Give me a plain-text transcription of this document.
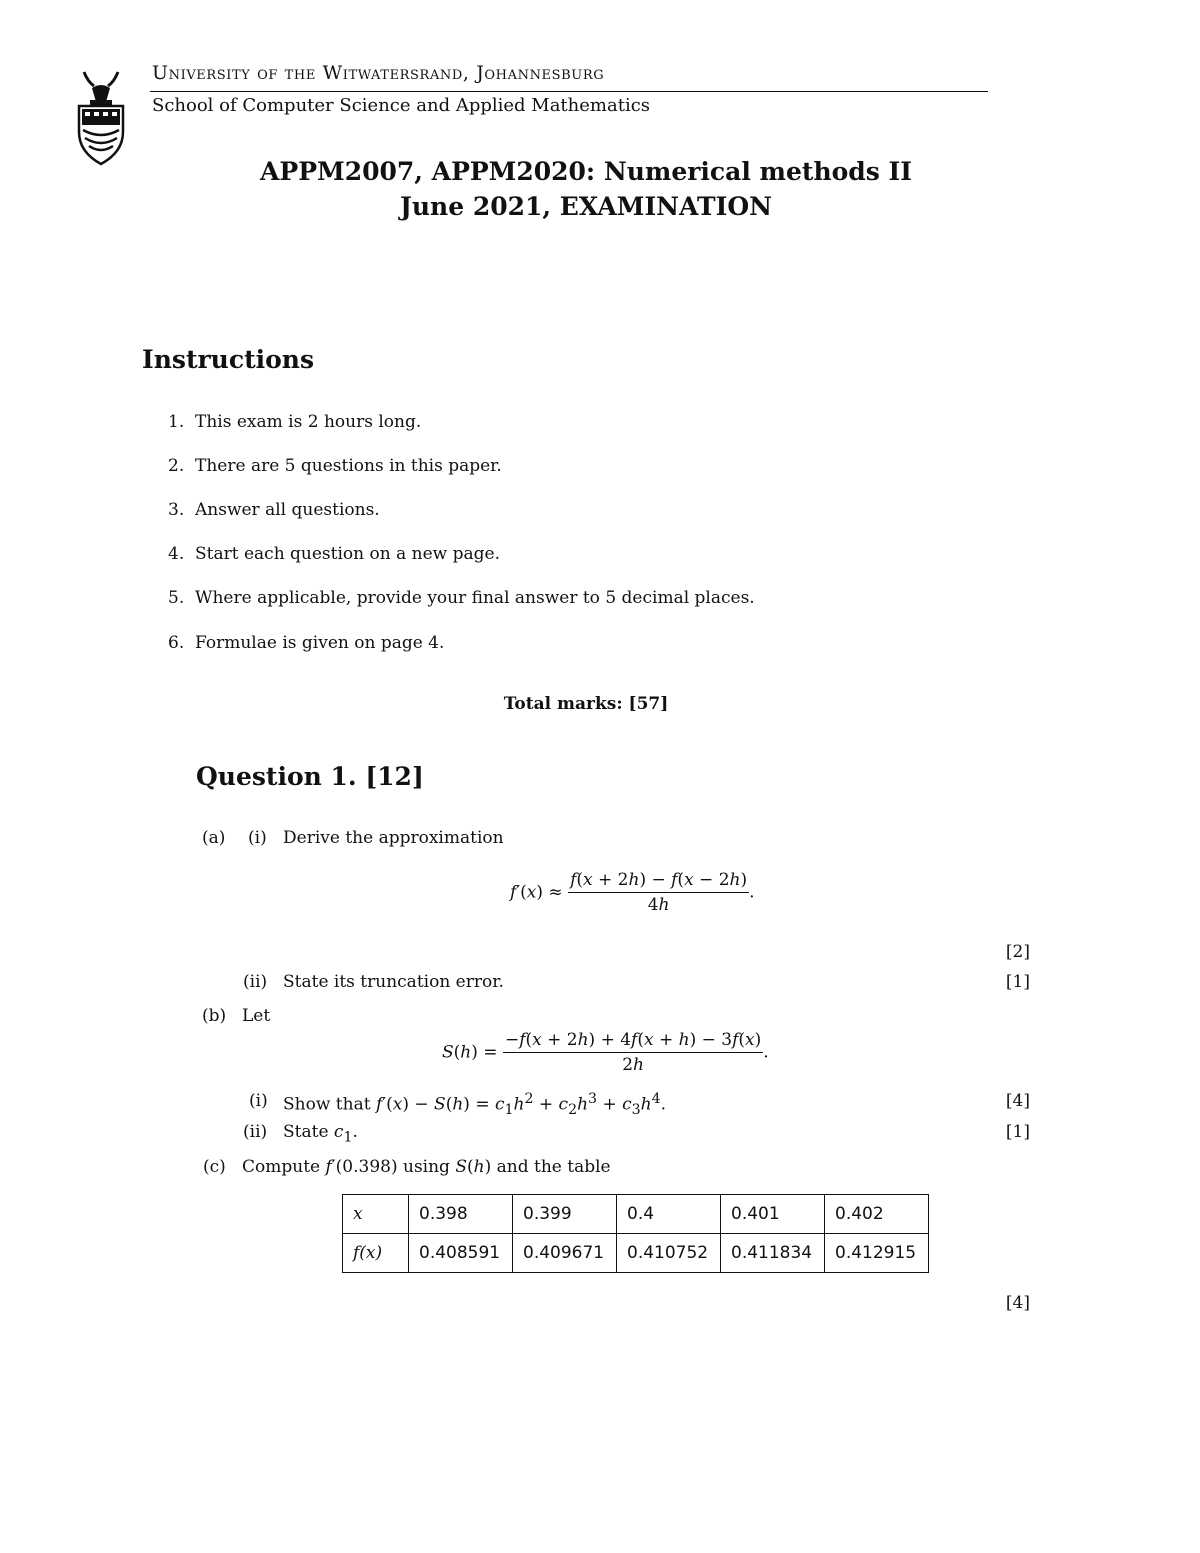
University of the Witwatersrand, Johannesburg
School of Computer Science and Applied Mathematics
APPM2007, APPM2020: Numerical methods II
June 2021, EXAMINATION
Instructions
1. This exam is 2 hours long.
2. There are 5 questions in this paper.
3. Answer all questions.
4. Start each question on a new page.
5. Where applicable, provide your final answer to 5 decimal places.
6. Formulae is given on page 4.
Total marks: [57]
Question 1. [12]
(a) (i) Derive the approximation
$f'(x) \approx \frac{f(x + 2h) - f(x - 2h)}{4h}$ .
[2]
(ii) State its truncation error.	[1]
(b) Let
$S(h) = \frac{-f(x + 2h) + 4f(x + h) - 3f(x)}{2h}$ .
(i) Show that $f'(x) - S(h) = c_1h^2 + c_2h^3 + c_3h^4$.	[4]
(ii) State $c_1$.	[1]
(c) Compute f′(0.398) using S(h) and the table
x	0.398	0.399	0.4	0.401	0.402
f(x)	0.408591	0.409671	0.410752	0.411834	0.412915
[4]
